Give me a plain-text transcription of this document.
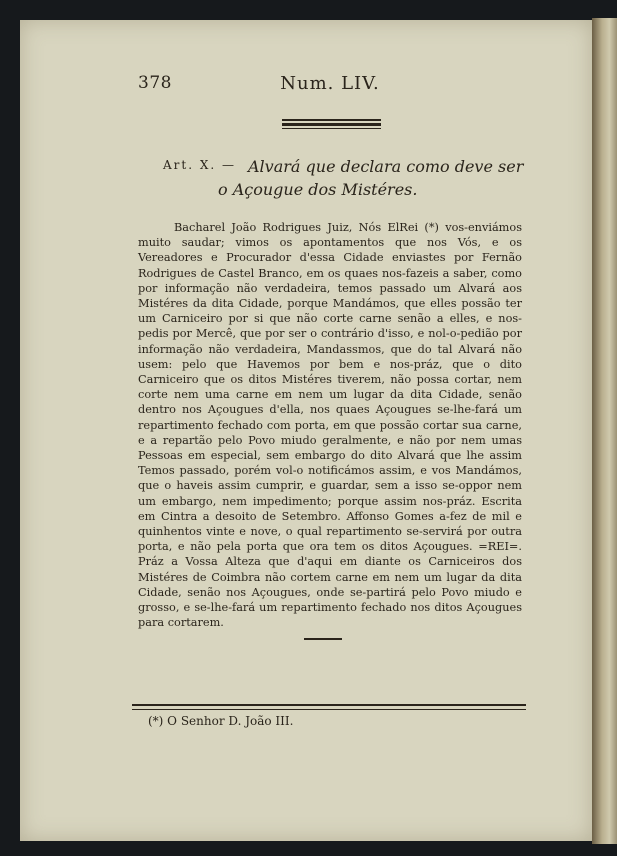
378	Num. LIV.
Art. X. — Alvará que declara como deve ser
o Açougue dos Mistéres.

Bacharel João Rodrigues Juiz, Nós ElRei (*) vos-enviámos muito saudar; vimos os apontamentos que nos Vós, e os Vereadores e Procurador d'essa Cidade enviastes por Fernão Rodrigues de Castel Branco, em os quaes nos-fazeis a saber, como por informação não verdadeira, temos passado um Alvará aos Mistéres da dita Cidade, porque Mandámos, que elles possão ter um Carniceiro por si que não corte carne senão a elles, e nos-pedis por Mercê, que por ser o contrário d'isso, e nol-o-pedião por informação não verdadeira, Mandassmos, que do tal Alvará não usem: pelo que Havemos por bem e nos-práz, que o dito Carniceiro que os ditos Mistéres tiverem, não possa cortar, nem corte nem uma carne em nem um lugar da dita Cidade, senão dentro nos Açougues d'ella, nos quaes Açougues se-lhe-fará um repartimento fechado com porta, em que possão cortar sua carne, e a repartão pelo Povo miudo geralmente, e não por nem umas Pessoas em especial, sem embargo do dito Alvará que lhe assim Temos passado, porém vol-o notificámos assim, e vos Mandámos, que o haveis assim cumprir, e guardar, sem a isso se-oppor nem um embargo, nem impedimento; porque assim nos-práz. Escrita em Cintra a desoito de Setembro. Affonso Gomes a-fez de mil e quinhentos vinte e nove, o qual repartimento se-servirá por outra porta, e não pela porta que ora tem os ditos Açougues. =REI=. Práz a Vossa Alteza que d'aqui em diante os Carniceiros dos Mistéres de Coimbra não cortem carne em nem um lugar da dita Cidade, senão nos Açougues, onde se-partirá pelo Povo miudo e grosso, e se-lhe-fará um repartimento fechado nos ditos Açougues para cortarem.

(*) O Senhor D. João III.
